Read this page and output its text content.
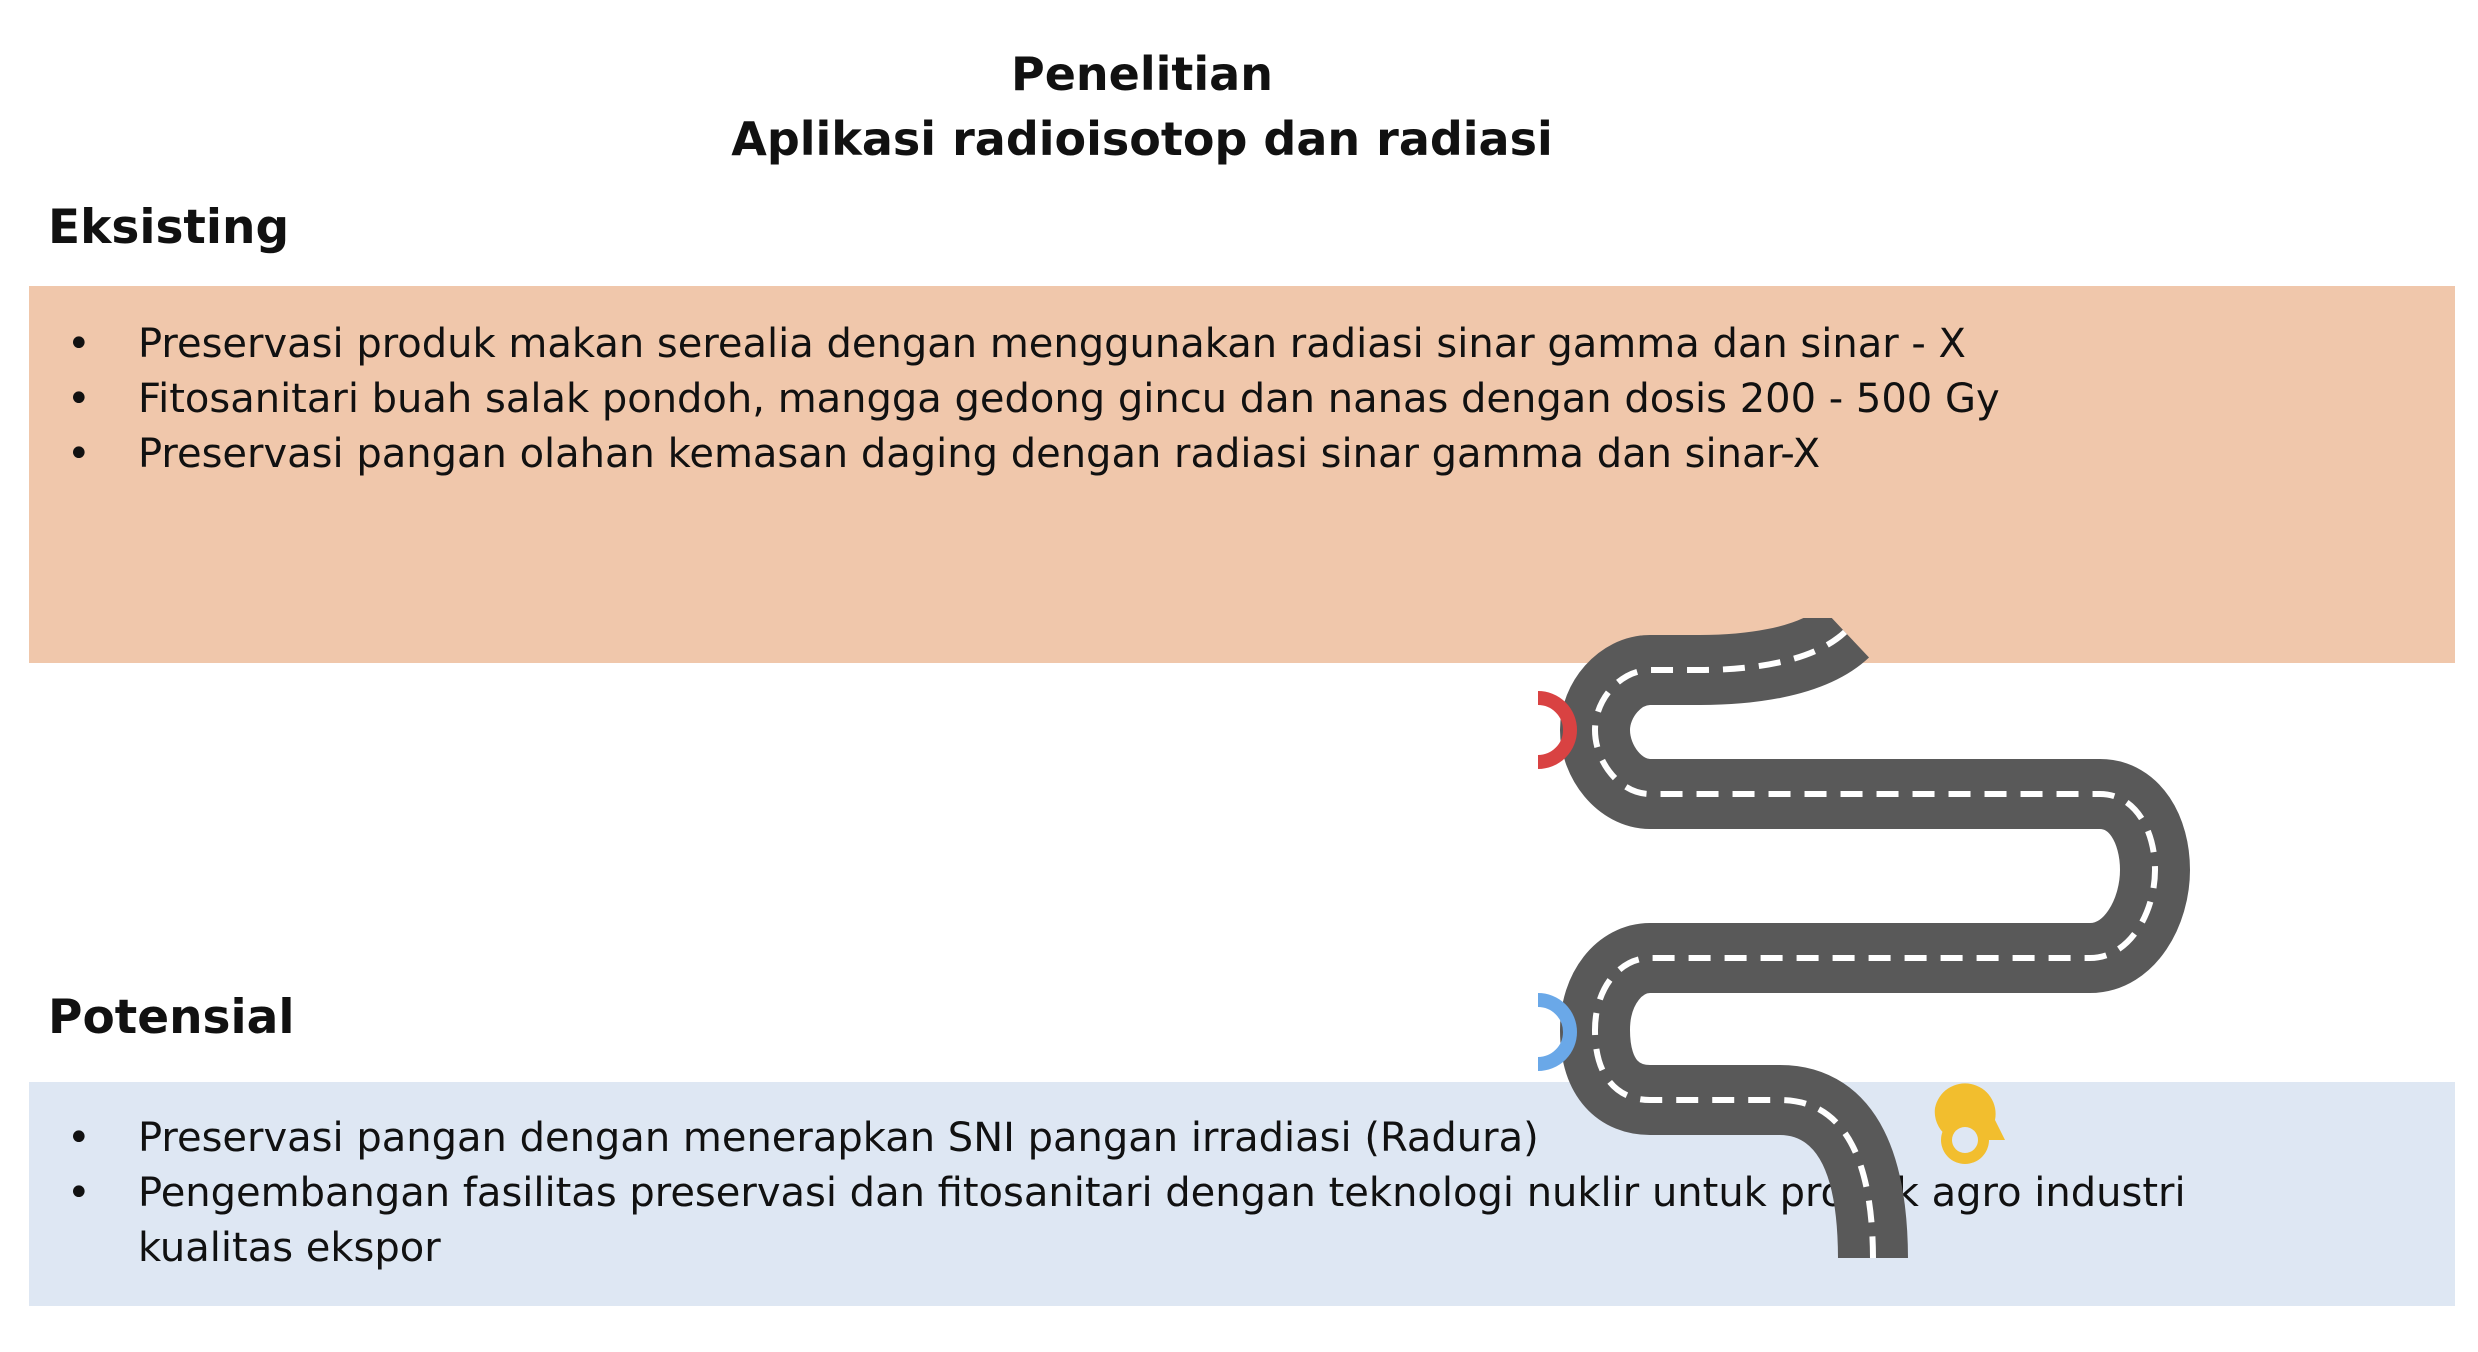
Penelitian
Aplikasi radioisotop dan radiasi
Eksisting
• Preservasi produk makan serealia dengan menggunakan radiasi sinar gamma dan sinar - X
• Fitosanitari buah salak pondoh, mangga gedong gincu dan nanas dengan dosis 200 - 500 Gy
• Preservasi pangan olahan kemasan daging dengan radiasi sinar gamma dan sinar-X
Potensial
• Preservasi pangan dengan menerapkan SNI pangan irradiasi (Radura)
• Pengembangan fasilitas preservasi dan fitosanitari dengan teknologi nuklir untuk produk agro industri kualitas ekspor
